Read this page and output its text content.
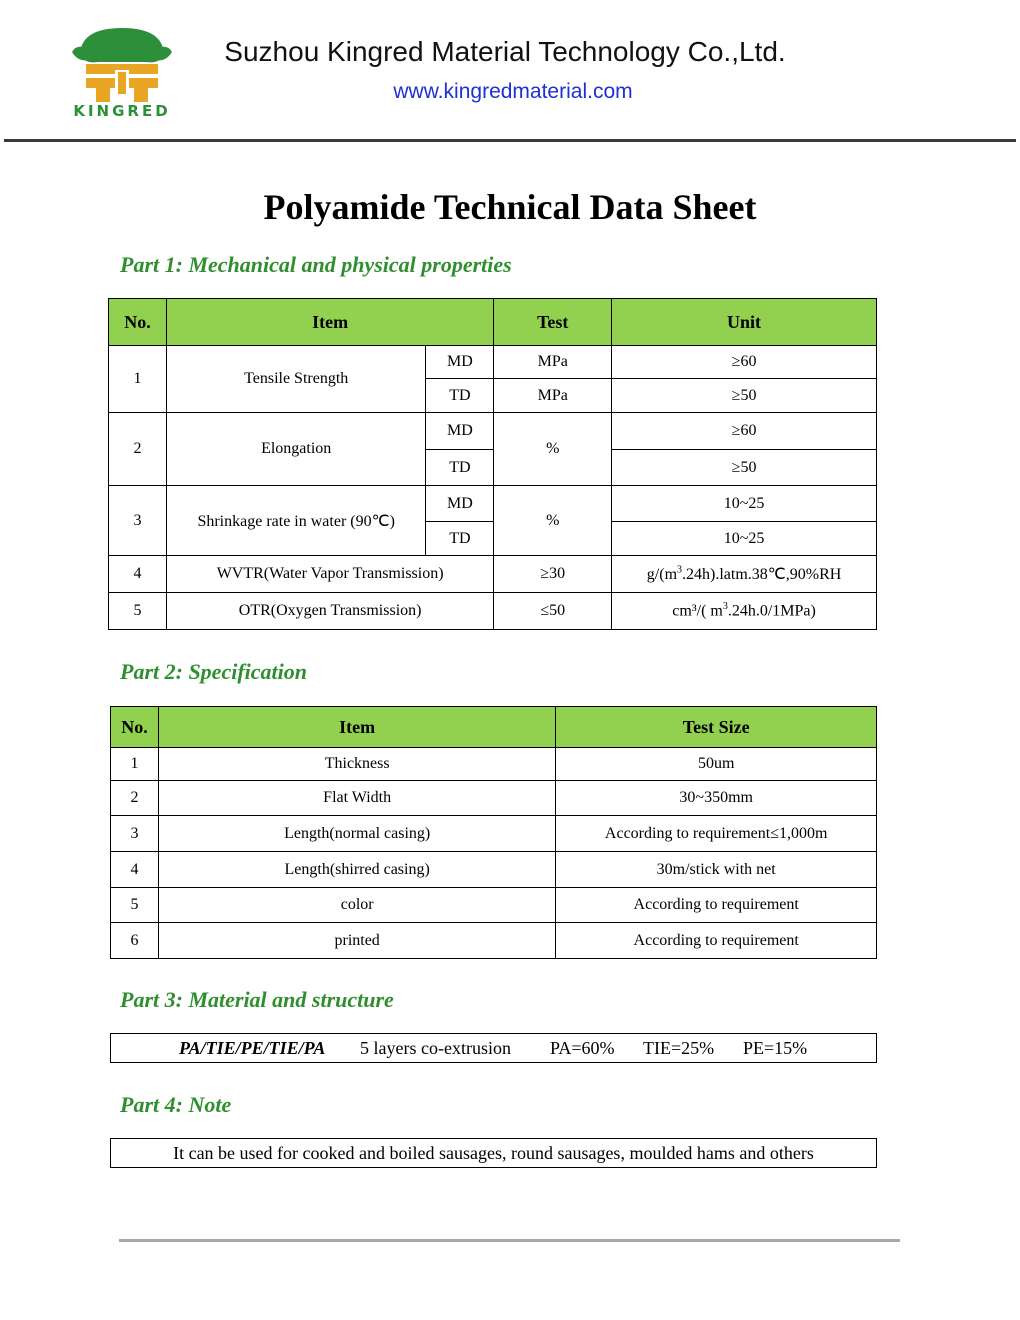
KINGRED
Suzhou Kingred Material Technology Co.,Ltd.
www.kingredmaterial.com
Polyamide Technical Data Sheet
Part 1: Mechanical and physical properties
No.	Item		Test	Unit
1	Tensile Strength	MD	MPa	≥60
		TD	MPa	≥50
2	Elongation	MD	%	≥60
		TD		≥50
3	Shrinkage rate in water (90℃)	MD	%	10~25
		TD		10~25
4	WVTR(Water Vapor Transmission)		≥30	$g/(m^3.24h).latm.38℃,90\%RH$
5	OTR(Oxygen Transmission)		≤50	cm³/( $m^3.24h.0/1MPa$)
Part 2: Specification
No.	Item	Test Size
1	Thickness	50um
2	Flat Width	30~350mm
3	Length(normal casing)	According to requirement≤1,000m
4	Length(shirred casing)	30m/stick with net
5	color	According to requirement
6	printed	According to requirement
Part 3: Material and structure
PA/TIE/PE/TIE/PA 5 layers co-extrusion PA=60% TIE=25% PE=15%
Part 4: Note
It can be used for cooked and boiled sausages, round sausages, moulded hams and others
